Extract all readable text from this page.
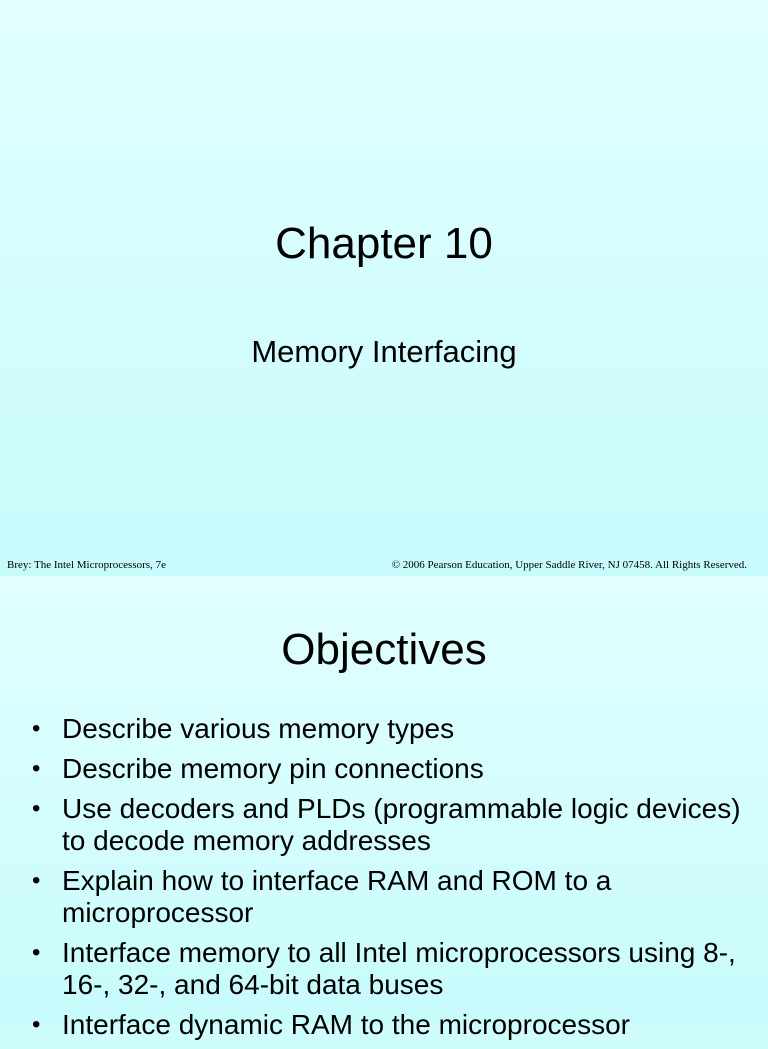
Chapter 10
Memory Interfacing
Brey: The Intel Microprocessors, 7e	© 2006 Pearson Education, Upper Saddle River, NJ 07458. All Rights Reserved.
Objectives
• Describe various memory types
• Describe memory pin connections
• Use decoders and PLDs (programmable logic devices) to decode memory addresses
• Explain how to interface RAM and ROM to a microprocessor
• Interface memory to all Intel microprocessors using 8-, 16-, 32-, and 64-bit data buses
• Interface dynamic RAM to the microprocessor
